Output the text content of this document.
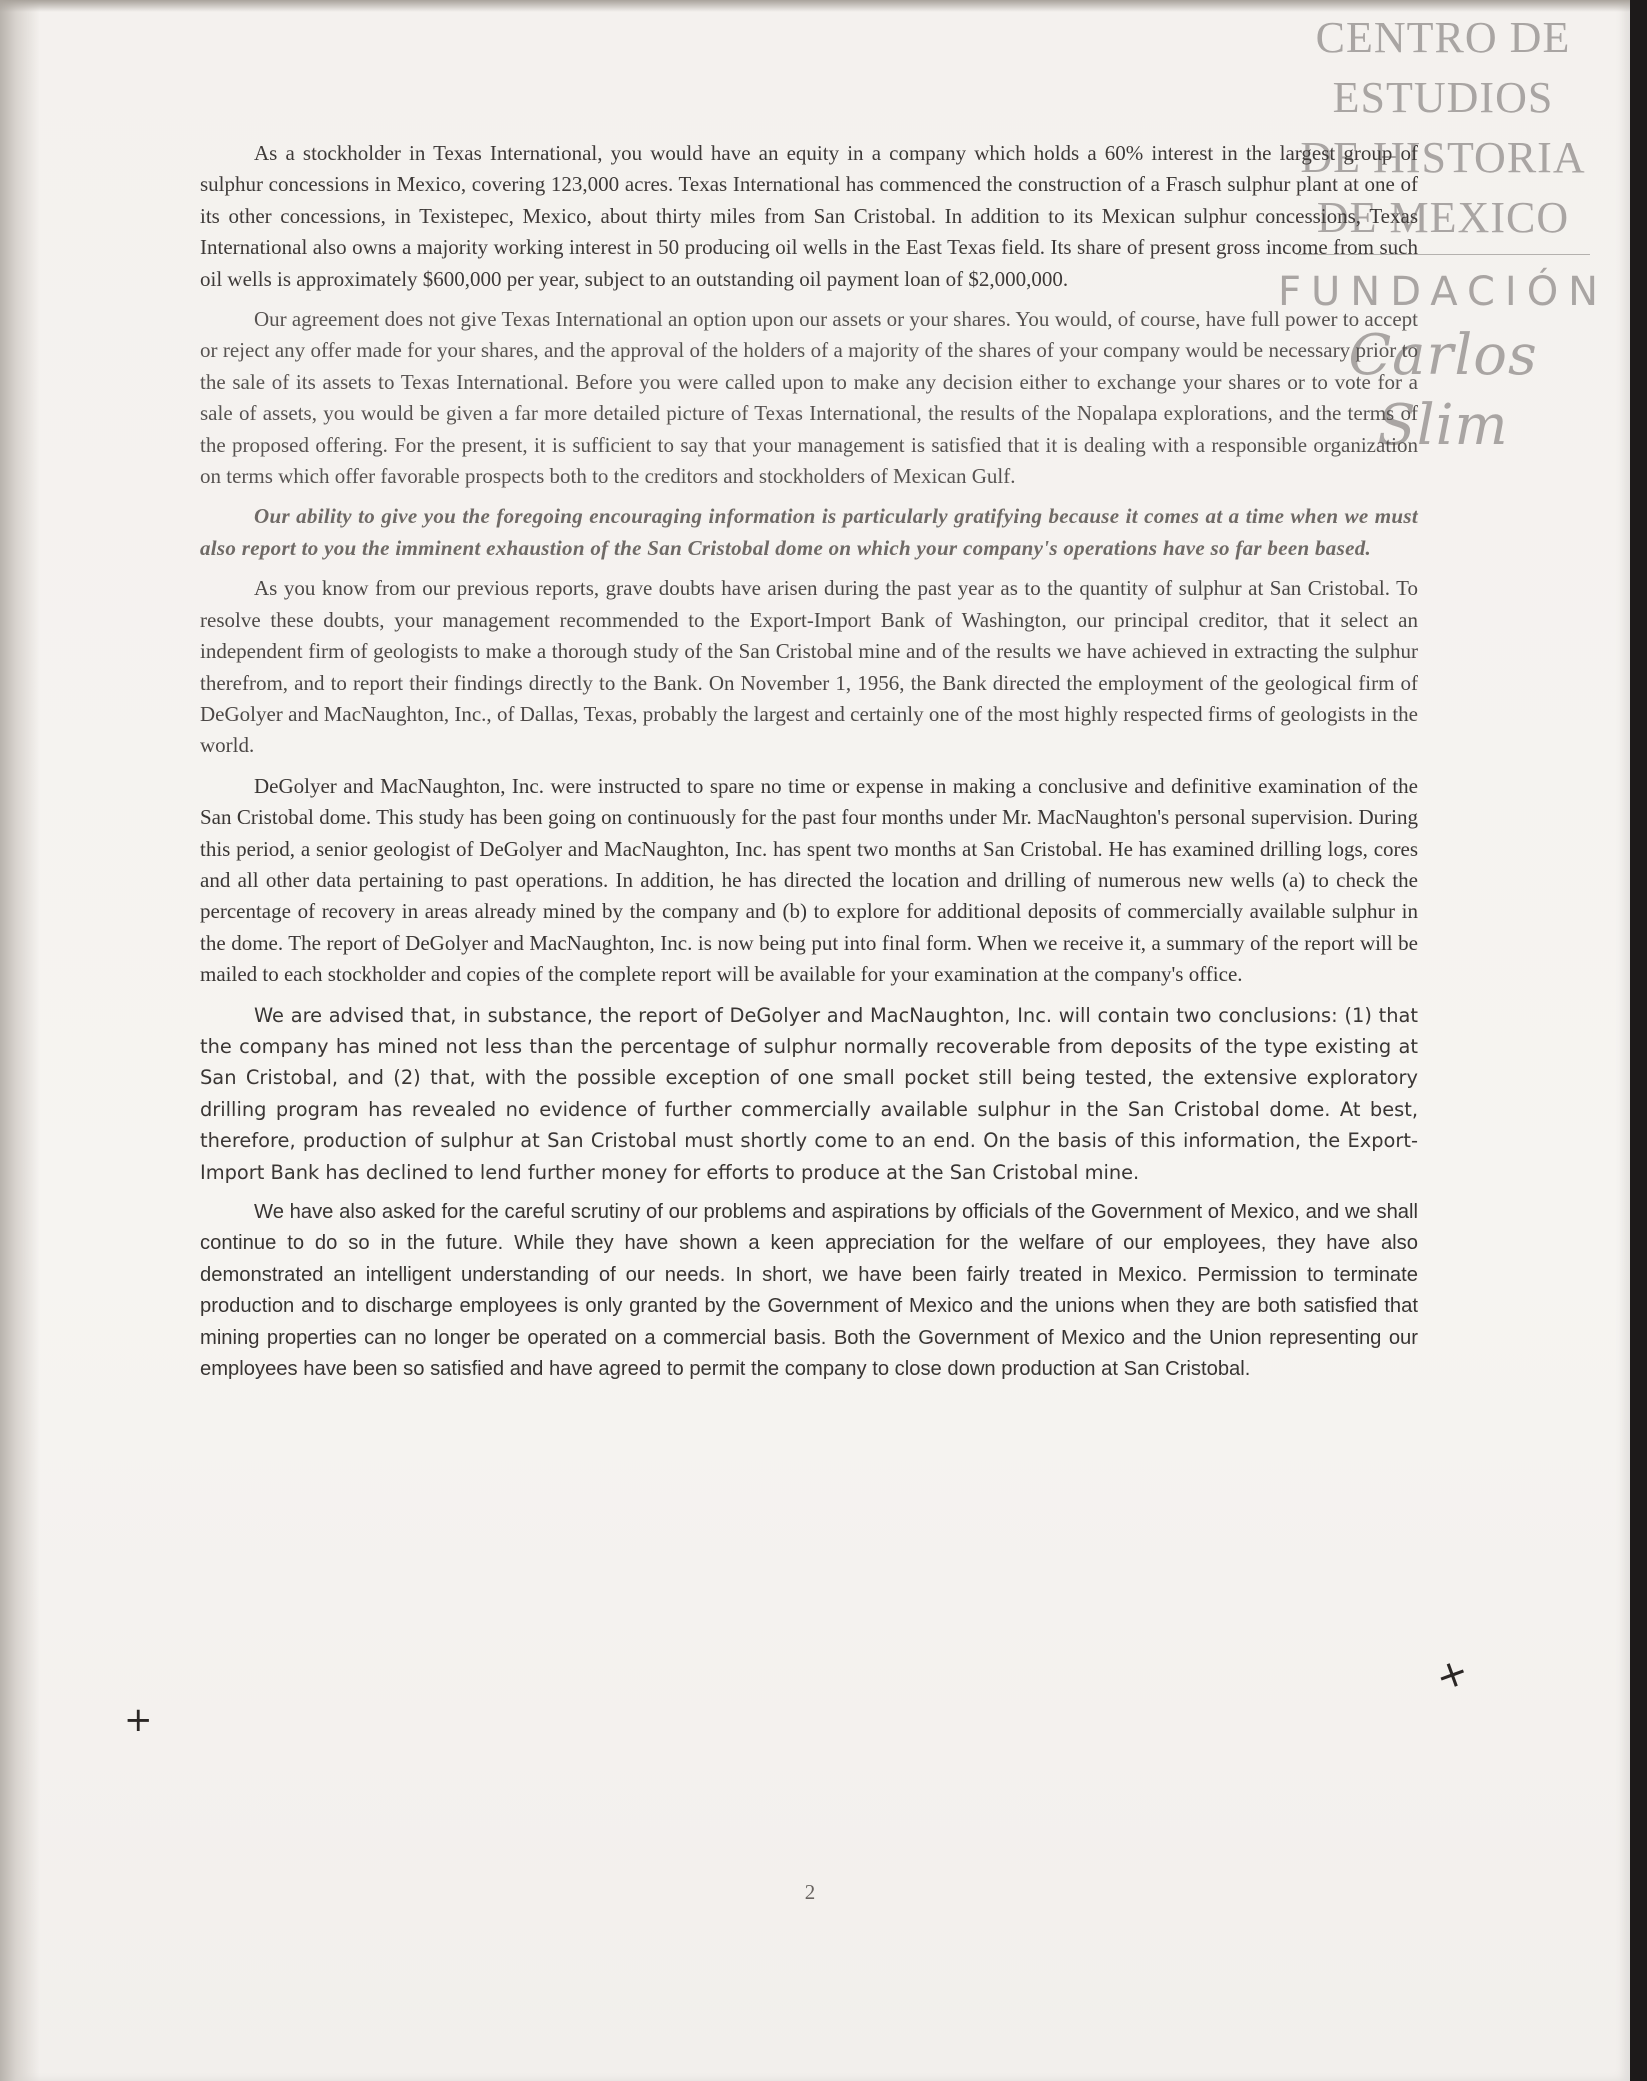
CENTRO DE
ESTUDIOS
DE HISTORIA
DE MEXICO
FUNDACIÓN
Carlos Slim

As a stockholder in Texas International, you would have an equity in a company which holds a 60% interest in the largest group of sulphur concessions in Mexico, covering 123,000 acres. Texas International has commenced the construction of a Frasch sulphur plant at one of its other concessions, in Texistepec, Mexico, about thirty miles from San Cristobal. In addition to its Mexican sulphur concessions, Texas International also owns a majority working interest in 50 producing oil wells in the East Texas field. Its share of present gross income from such oil wells is approximately $600,000 per year, subject to an outstanding oil payment loan of $2,000,000.

Our agreement does not give Texas International an option upon our assets or your shares. You would, of course, have full power to accept or reject any offer made for your shares, and the approval of the holders of a majority of the shares of your company would be necessary prior to the sale of its assets to Texas International. Before you were called upon to make any decision either to exchange your shares or to vote for a sale of assets, you would be given a far more detailed picture of Texas International, the results of the Nopalapa explorations, and the terms of the proposed offering. For the present, it is sufficient to say that your management is satisfied that it is dealing with a responsible organization on terms which offer favorable prospects both to the creditors and stockholders of Mexican Gulf.

Our ability to give you the foregoing encouraging information is particularly gratifying because it comes at a time when we must also report to you the imminent exhaustion of the San Cristobal dome on which your company's operations have so far been based.

As you know from our previous reports, grave doubts have arisen during the past year as to the quantity of sulphur at San Cristobal. To resolve these doubts, your management recommended to the Export-Import Bank of Washington, our principal creditor, that it select an independent firm of geologists to make a thorough study of the San Cristobal mine and of the results we have achieved in extracting the sulphur therefrom, and to report their findings directly to the Bank. On November 1, 1956, the Bank directed the employment of the geological firm of DeGolyer and MacNaughton, Inc., of Dallas, Texas, probably the largest and certainly one of the most highly respected firms of geologists in the world.

DeGolyer and MacNaughton, Inc. were instructed to spare no time or expense in making a conclusive and definitive examination of the San Cristobal dome. This study has been going on continuously for the past four months under Mr. MacNaughton's personal supervision. During this period, a senior geologist of DeGolyer and MacNaughton, Inc. has spent two months at San Cristobal. He has examined drilling logs, cores and all other data pertaining to past operations. In addition, he has directed the location and drilling of numerous new wells (a) to check the percentage of recovery in areas already mined by the company and (b) to explore for additional deposits of commercially available sulphur in the dome. The report of DeGolyer and MacNaughton, Inc. is now being put into final form. When we receive it, a summary of the report will be mailed to each stockholder and copies of the complete report will be available for your examination at the company's office.

We are advised that, in substance, the report of DeGolyer and MacNaughton, Inc. will contain two conclusions: (1) that the company has mined not less than the percentage of sulphur normally recoverable from deposits of the type existing at San Cristobal, and (2) that, with the possible exception of one small pocket still being tested, the extensive exploratory drilling program has revealed no evidence of further commercially available sulphur in the San Cristobal dome. At best, therefore, production of sulphur at San Cristobal must shortly come to an end. On the basis of this information, the Export-Import Bank has declined to lend further money for efforts to produce at the San Cristobal mine.

We have also asked for the careful scrutiny of our problems and aspirations by officials of the Government of Mexico, and we shall continue to do so in the future. While they have shown a keen appreciation for the welfare of our employees, they have also demonstrated an intelligent understanding of our needs. In short, we have been fairly treated in Mexico. Permission to terminate production and to discharge employees is only granted by the Government of Mexico and the unions when they are both satisfied that mining properties can no longer be operated on a commercial basis. Both the Government of Mexico and the Union representing our employees have been so satisfied and have agreed to permit the company to close down production at San Cristobal.

2
+
+
